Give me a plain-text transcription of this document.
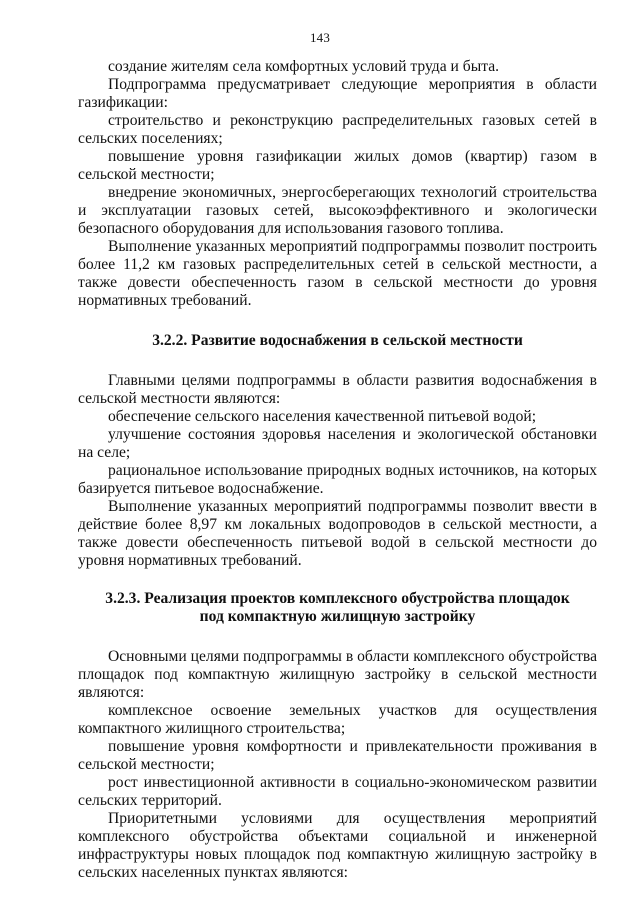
143

создание жителям села комфортных условий труда и быта.

Подпрограмма предусматривает следующие мероприятия в области газификации:

строительство и реконструкцию распределительных газовых сетей в сельских поселениях;

повышение уровня газификации жилых домов (квартир) газом в сельской местности;

внедрение экономичных, энергосберегающих технологий строительства и эксплуатации газовых сетей, высокоэффективного и экологически безопасного оборудования для использования газового топлива.

Выполнение указанных мероприятий подпрограммы позволит построить более 11,2 км газовых распределительных сетей в сельской местности, а также довести обеспеченность газом в сельской местности до уровня нормативных требований.

3.2.2. Развитие водоснабжения в сельской местности

Главными целями подпрограммы в области развития водоснабжения в сельской местности являются:

обеспечение сельского населения качественной питьевой водой;

улучшение состояния здоровья населения и экологической обстановки на селе;

рациональное использование природных водных источников, на которых базируется питьевое водоснабжение.

Выполнение указанных мероприятий подпрограммы позволит ввести в действие более 8,97 км локальных водопроводов в сельской местности, а также довести обеспеченность питьевой водой в сельской местности до уровня нормативных требований.

3.2.3. Реализация проектов комплексного обустройства площадок под компактную жилищную застройку

Основными целями подпрограммы в области комплексного обустройства площадок под компактную жилищную застройку в сельской местности являются:

комплексное освоение земельных участков для осуществления компактного жилищного строительства;

повышение уровня комфортности и привлекательности проживания в сельской местности;

рост инвестиционной активности в социально-экономическом развитии сельских территорий.

Приоритетными условиями для осуществления мероприятий комплексного обустройства объектами социальной и инженерной инфраструктуры новых площадок под компактную жилищную застройку в сельских населенных пунктах являются:
